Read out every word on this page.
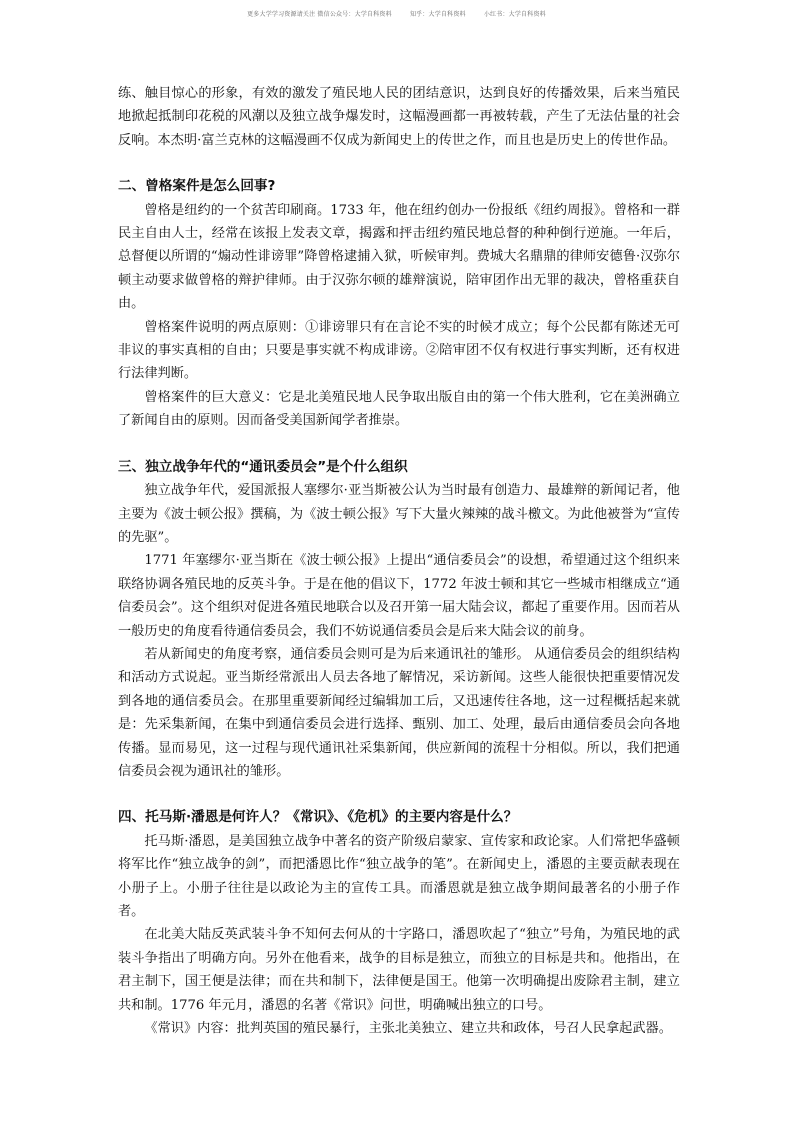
更多大学学习资源请关注 微信公众号：大学自科资料	知乎：大学自科资料	小红书：大学自科资料

练、触目惊心的形象，有效的激发了殖民地人民的团结意识，达到良好的传播效果，后来当殖民地掀起抵制印花税的风潮以及独立战争爆发时，这幅漫画都一再被转载，产生了无法估量的社会反响。本杰明·富兰克林的这幅漫画不仅成为新闻史上的传世之作，而且也是历史上的传世作品。

二、曾格案件是怎么回事?

曾格是纽约的一个贫苦印刷商。1733 年，他在纽约创办一份报纸《纽约周报》。曾格和一群民主自由人士，经常在该报上发表文章，揭露和抨击纽约殖民地总督的种种倒行逆施。一年后，总督便以所谓的“煽动性诽谤罪”降曾格逮捕入狱，听候审判。费城大名鼎鼎的律师安德鲁·汉弥尔顿主动要求做曾格的辩护律师。由于汉弥尔顿的雄辩演说，陪审团作出无罪的裁决，曾格重获自由。

曾格案件说明的两点原则：①诽谤罪只有在言论不实的时候才成立；每个公民都有陈述无可非议的事实真相的自由；只要是事实就不构成诽谤。②陪审团不仅有权进行事实判断，还有权进行法律判断。

曾格案件的巨大意义：它是北美殖民地人民争取出版自由的第一个伟大胜利，它在美洲确立了新闻自由的原则。因而备受美国新闻学者推崇。

三、独立战争年代的“通讯委员会”是个什么组织

独立战争年代，爱国派报人塞缪尔·亚当斯被公认为当时最有创造力、最雄辩的新闻记者，他主要为《波士顿公报》撰稿，为《波士顿公报》写下大量火辣辣的战斗檄文。为此他被誉为“宣传的先驱”。

1771 年塞缪尔·亚当斯在《波士顿公报》上提出“通信委员会”的设想，希望通过这个组织来联络协调各殖民地的反英斗争。于是在他的倡议下，1772 年波士顿和其它一些城市相继成立“通信委员会”。这个组织对促进各殖民地联合以及召开第一届大陆会议，都起了重要作用。因而若从一般历史的角度看待通信委员会，我们不妨说通信委员会是后来大陆会议的前身。

若从新闻史的角度考察，通信委员会则可是为后来通讯社的雏形。 从通信委员会的组织结构和活动方式说起。亚当斯经常派出人员去各地了解情况，采访新闻。这些人能很快把重要情况发到各地的通信委员会。在那里重要新闻经过编辑加工后，又迅速传往各地，这一过程概括起来就是：先采集新闻，在集中到通信委员会进行选择、甄别、加工、处理，最后由通信委员会向各地传播。显而易见，这一过程与现代通讯社采集新闻，供应新闻的流程十分相似。所以，我们把通信委员会视为通讯社的雏形。

四、托马斯·潘恩是何许人？《常识》、《危机》的主要内容是什么？

托马斯·潘恩，是美国独立战争中著名的资产阶级启蒙家、宣传家和政论家。人们常把华盛顿将军比作“独立战争的剑”，而把潘恩比作“独立战争的笔”。在新闻史上，潘恩的主要贡献表现在小册子上。小册子往往是以政论为主的宣传工具。而潘恩就是独立战争期间最著名的小册子作者。

在北美大陆反英武装斗争不知何去何从的十字路口，潘恩吹起了“独立”号角，为殖民地的武装斗争指出了明确方向。另外在他看来，战争的目标是独立，而独立的目标是共和。他指出，在君主制下，国王便是法律；而在共和制下，法律便是国王。他第一次明确提出废除君主制，建立共和制。1776 年元月，潘恩的名著《常识》问世，明确喊出独立的口号。

《常识》内容：批判英国的殖民暴行，主张北美独立、建立共和政体，号召人民拿起武器。
